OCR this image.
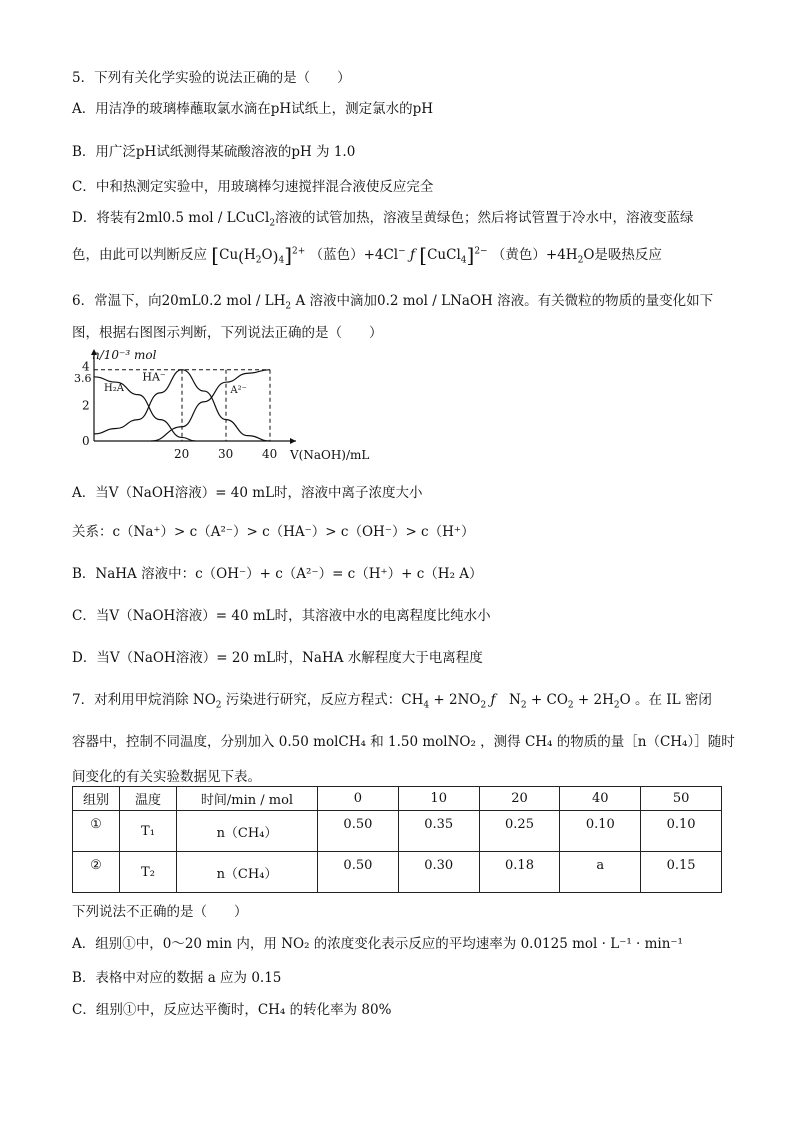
5．下列有关化学实验的说法正确的是（　　）
A．用洁净的玻璃棒蘸取氯水滴在pH试纸上，测定氯水的pH
B．用广泛pH试纸测得某硫酸溶液的pH 为 1.0
C．中和热测定实验中，用玻璃棒匀速搅拌混合液使反应完全
D．将装有2ml0.5 mol / LCuCl$_2$溶液的试管加热，溶液呈黄绿色；然后将试管置于冷水中，溶液变蓝绿
色，由此可以判断反应 $[Cu(H_2O)_4]^{2+}$ （蓝色）+4Cl− ƒ [CuCl$_4$]$^{2-}$ （黄色）$+4H_2O$是吸热反应
6．常温下，向20mL0.2 mol / $LH_2$ A 溶液中滴加0.2 mol / LNaOH 溶液。有关微粒的物质的量变化如下
图，根据右图图示判断，下列说法正确的是（　　）
n/10⁻³ mol
V(NaOH)/mL
20 30 40
3.6
4
2
0
H₂A
HA⁻
A²⁻
A．当V（NaOH溶液）= 40 mL时，溶液中离子浓度大小
关系：c（Na⁺）> c（A²⁻）> c（HA⁻）> c（OH⁻）> c（H⁺）
B．NaHA 溶液中：c（OH⁻）+ c（A²⁻）= c（H⁺）+ c（H₂ A）
C．当V（NaOH溶液）= 40 mL时，其溶液中水的电离程度比纯水小
D．当V（NaOH溶液）= 20 mL时，NaHA 水解程度大于电离程度
7．对利用甲烷消除 $NO_2$ 污染进行研究，反应方程式：$CH_4 + 2NO_2$ ƒ　$N_2 + CO_2 + 2H_2O$ 。在 IL 密闭
容器中，控制不同温度，分别加入 0.50 molCH₄ 和 1.50 molNO₂ ，测得 CH₄ 的物质的量［n（CH₄）］随时
间变化的有关实验数据见下表。
组别	温度	时间/min / mol	0	10	20	40	50
①	T₁	n（CH₄）	0.50	0.35	0.25	0.10	0.10
②	T₂	n（CH₄）	0.50	0.30	0.18	a	0.15
下列说法不正确的是（　　）
A．组别①中，0～20 min 内，用 NO₂ 的浓度变化表示反应的平均速率为 0.0125 mol · L⁻¹ · min⁻¹
B．表格中对应的数据 a 应为 0.15
C．组别①中，反应达平衡时，CH₄ 的转化率为 80%
